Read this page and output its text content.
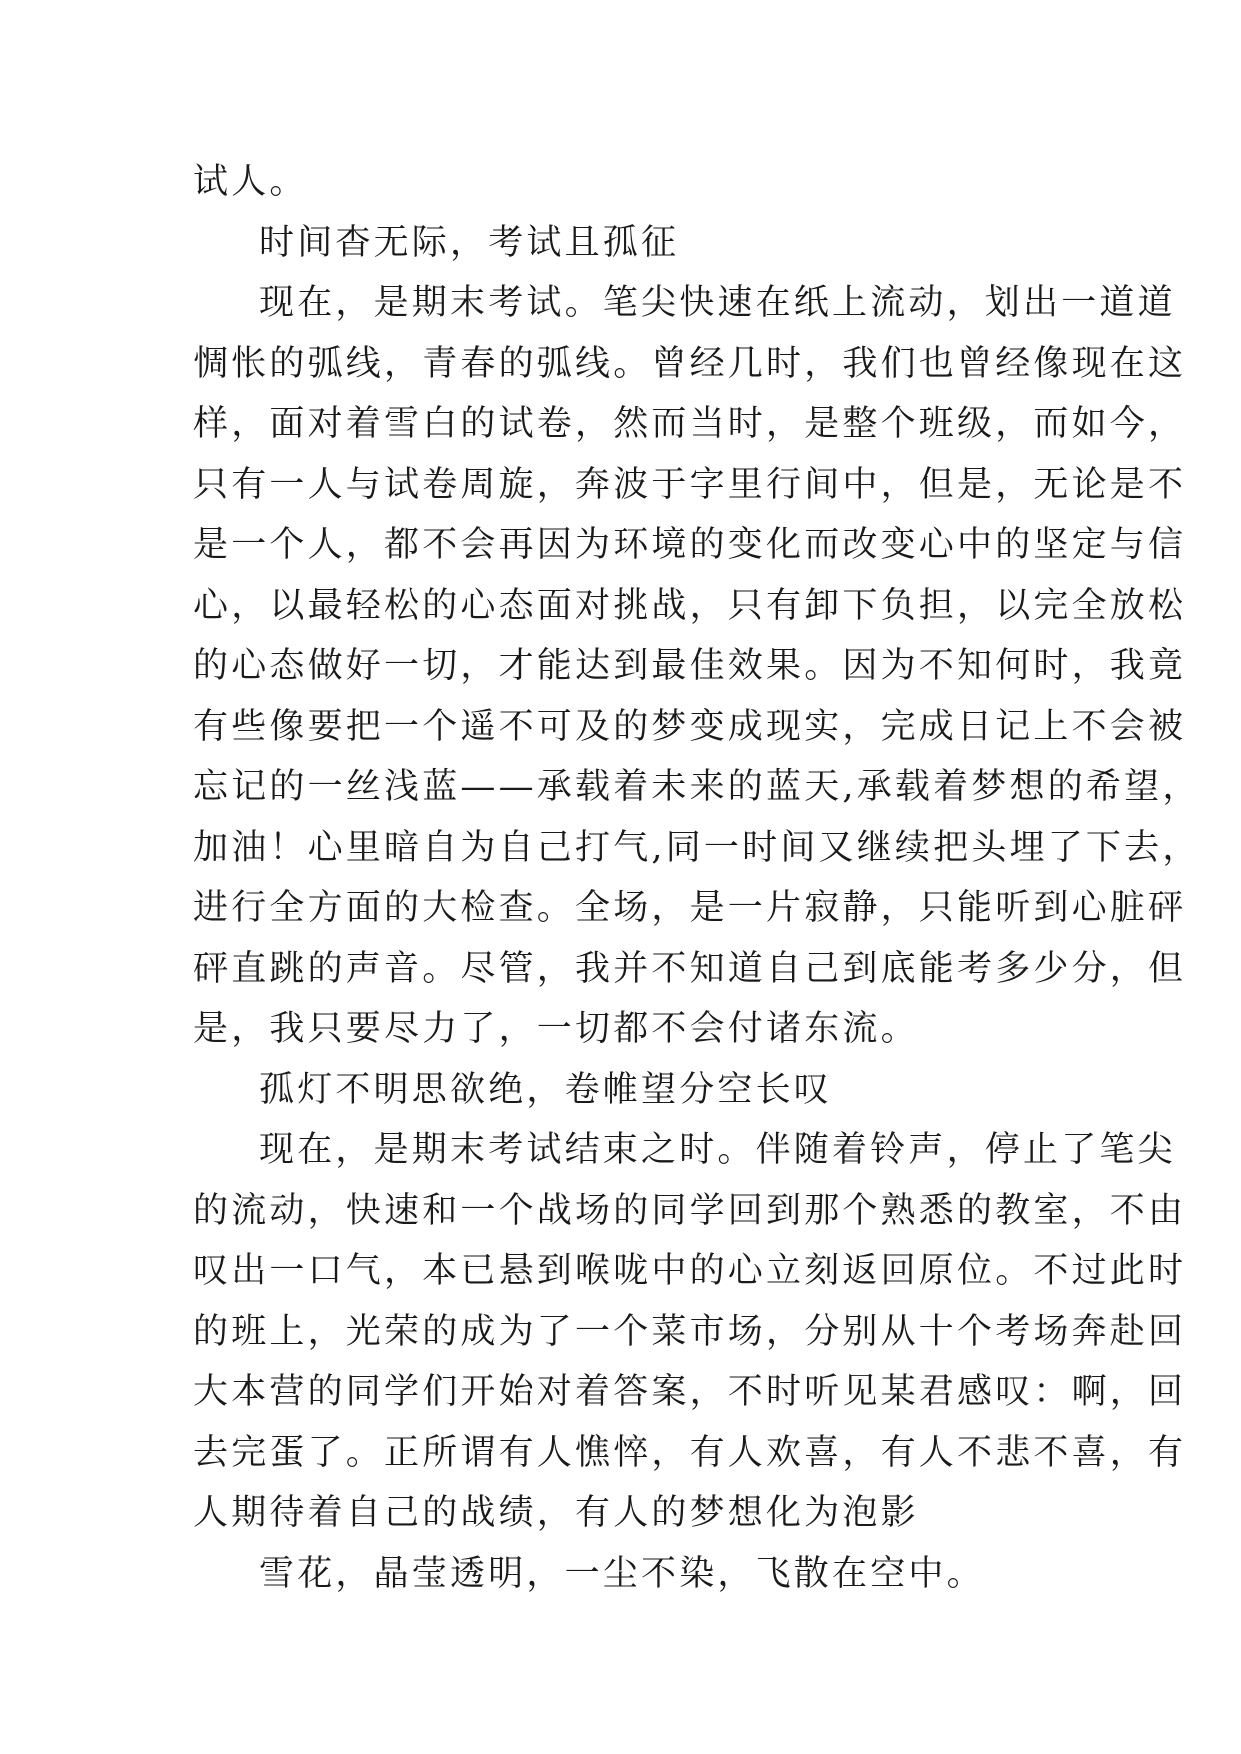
试人。
时间杳无际，考试且孤征
现在，是期末考试。笔尖快速在纸上流动，划出一道道
惆怅的弧线，青春的弧线。曾经几时，我们也曾经像现在这
样，面对着雪白的试卷，然而当时，是整个班级，而如今，
只有一人与试卷周旋，奔波于字里行间中，但是，无论是不
是一个人，都不会再因为环境的变化而改变心中的坚定与信
心，以最轻松的心态面对挑战，只有卸下负担，以完全放松
的心态做好一切，才能达到最佳效果。因为不知何时，我竟
有些像要把一个遥不可及的梦变成现实，完成日记上不会被
忘记的一丝浅蓝——承载着未来的蓝天,承载着梦想的希望，
加油！心里暗自为自己打气,同一时间又继续把头埋了下去，
进行全方面的大检查。全场，是一片寂静，只能听到心脏砰
砰直跳的声音。尽管，我并不知道自己到底能考多少分，但
是，我只要尽力了，一切都不会付诸东流。
孤灯不明思欲绝，卷帷望分空长叹
现在，是期末考试结束之时。伴随着铃声，停止了笔尖
的流动，快速和一个战场的同学回到那个熟悉的教室，不由
叹出一口气，本已悬到喉咙中的心立刻返回原位。不过此时
的班上，光荣的成为了一个菜市场，分别从十个考场奔赴回
大本营的同学们开始对着答案，不时听见某君感叹：啊，回
去完蛋了。正所谓有人憔悴，有人欢喜，有人不悲不喜，有
人期待着自己的战绩，有人的梦想化为泡影
雪花，晶莹透明，一尘不染，飞散在空中。
